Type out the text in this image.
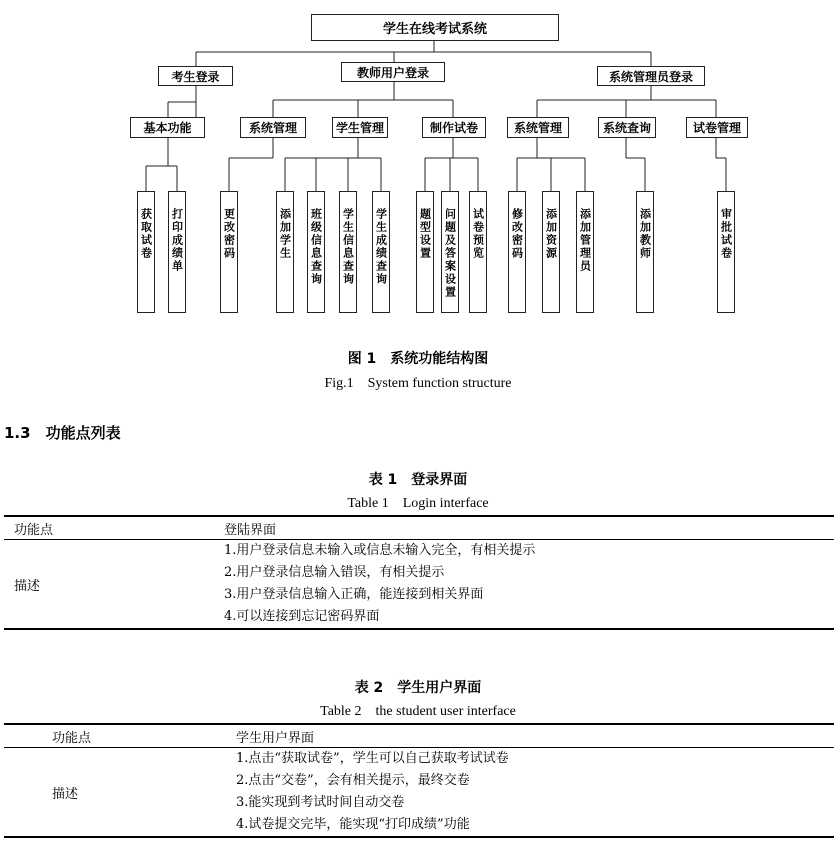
学生在线考试系统
考生登录	教师用户登录	系统管理员登录
基本功能	系统管理	学生管理	制作试卷	系统管理	系统查询	试卷管理
获取试卷 打印成绩单	更改密码	添加学生 班级信息查询 学生信息查询 学生成绩查询	题型设置 问题及答案设置 试卷预览 修改密码 添加资源 添加管理员	添加教师	审批试卷
图 1　系统功能结构图
Fig.1　System function structure
1.3　功能点列表
表 1　登录界面
Table 1　Login interface
功能点	登陆界面
描述	1.用户登录信息未输入或信息未输入完全，有相关提示
2.用户登录信息输入错误，有相关提示
3.用户登录信息输入正确，能连接到相关界面
4.可以连接到忘记密码界面
表 2　学生用户界面
Table 2　the student user interface
功能点	学生用户界面
描述	1.点击“获取试卷”，学生可以自己获取考试试卷
2.点击“交卷”，会有相关提示，最终交卷
3.能实现到考试时间自动交卷
4.试卷提交完毕，能实现“打印成绩”功能
